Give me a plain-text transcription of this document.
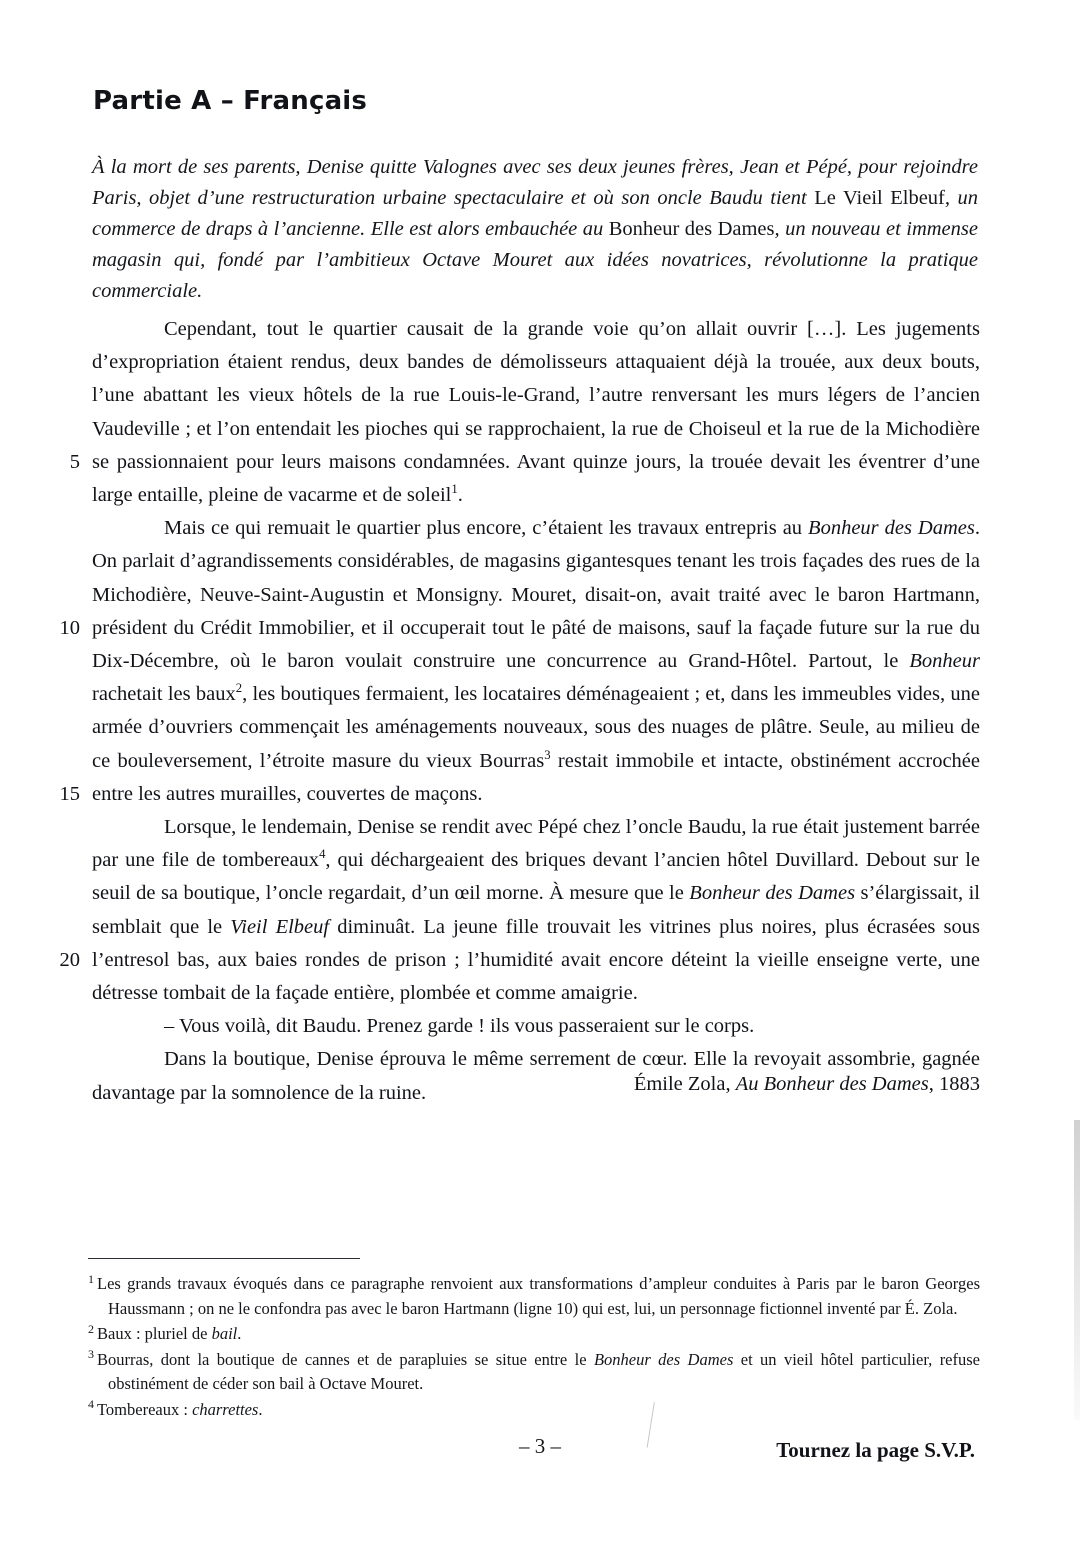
Partie A – Français
À la mort de ses parents, Denise quitte Valognes avec ses deux jeunes frères, Jean et Pépé, pour rejoindre Paris, objet d’une restructuration urbaine spectaculaire et où son oncle Baudu tient Le Vieil Elbeuf, un commerce de draps à l’ancienne. Elle est alors embauchée au Bonheur des Dames, un nouveau et immense magasin qui, fondé par l’ambitieux Octave Mouret aux idées novatrices, révolutionne la pratique commerciale.
5
10
15
20

Cependant, tout le quartier causait de la grande voie qu’on allait ouvrir […]. Les jugements d’expropriation étaient rendus, deux bandes de démolisseurs attaquaient déjà la trouée, aux deux bouts, l’une abattant les vieux hôtels de la rue Louis-le-Grand, l’autre renversant les murs légers de l’ancien Vaudeville ; et l’on entendait les pioches qui se rapprochaient, la rue de Choiseul et la rue de la Michodière se passionnaient pour leurs maisons condamnées. Avant quinze jours, la trouée devait les éventrer d’une large entaille, pleine de vacarme et de soleil$^1$.

Mais ce qui remuait le quartier plus encore, c’étaient les travaux entrepris au Bonheur des Dames. On parlait d’agrandissements considérables, de magasins gigantesques tenant les trois façades des rues de la Michodière, Neuve-Saint-Augustin et Monsigny. Mouret, disait-on, avait traité avec le baron Hartmann, président du Crédit Immobilier, et il occuperait tout le pâté de maisons, sauf la façade future sur la rue du Dix-Décembre, où le baron voulait construire une concurrence au Grand-Hôtel. Partout, le Bonheur rachetait les baux$^2$, les boutiques fermaient, les locataires déménageaient ; et, dans les immeubles vides, une armée d’ouvriers commençait les aménagements nouveaux, sous des nuages de plâtre. Seule, au milieu de ce bouleversement, l’étroite masure du vieux Bourras$^3$ restait immobile et intacte, obstinément accrochée entre les autres murailles, couvertes de maçons.

Lorsque, le lendemain, Denise se rendit avec Pépé chez l’oncle Baudu, la rue était justement barrée par une file de tombereaux$^4$, qui déchargeaient des briques devant l’ancien hôtel Duvillard. Debout sur le seuil de sa boutique, l’oncle regardait, d’un œil morne. À mesure que le Bonheur des Dames s’élargissait, il semblait que le Vieil Elbeuf diminuât. La jeune fille trouvait les vitrines plus noires, plus écrasées sous l’entresol bas, aux baies rondes de prison ; l’humidité avait encore déteint la vieille enseigne verte, une détresse tombait de la façade entière, plombée et comme amaigrie.

– Vous voilà, dit Baudu. Prenez garde ! ils vous passeraient sur le corps.

Dans la boutique, Denise éprouva le même serrement de cœur. Elle la revoyait assombrie, gagnée davantage par la somnolence de la ruine.	Émile Zola, Au Bonheur des Dames, 1883

$^1$ Les grands travaux évoqués dans ce paragraphe renvoient aux transformations d’ampleur conduites à Paris par le baron Georges Haussmann ; on ne le confondra pas avec le baron Hartmann (ligne 10) qui est, lui, un personnage fictionnel inventé par É. Zola.

$^2$ Baux : pluriel de bail.

$^3$ Bourras, dont la boutique de cannes et de parapluies se situe entre le Bonheur des Dames et un vieil hôtel particulier, refuse obstinément de céder son bail à Octave Mouret.

$^4$ Tombereaux : charrettes.

– 3 –	Tournez la page S.V.P.
